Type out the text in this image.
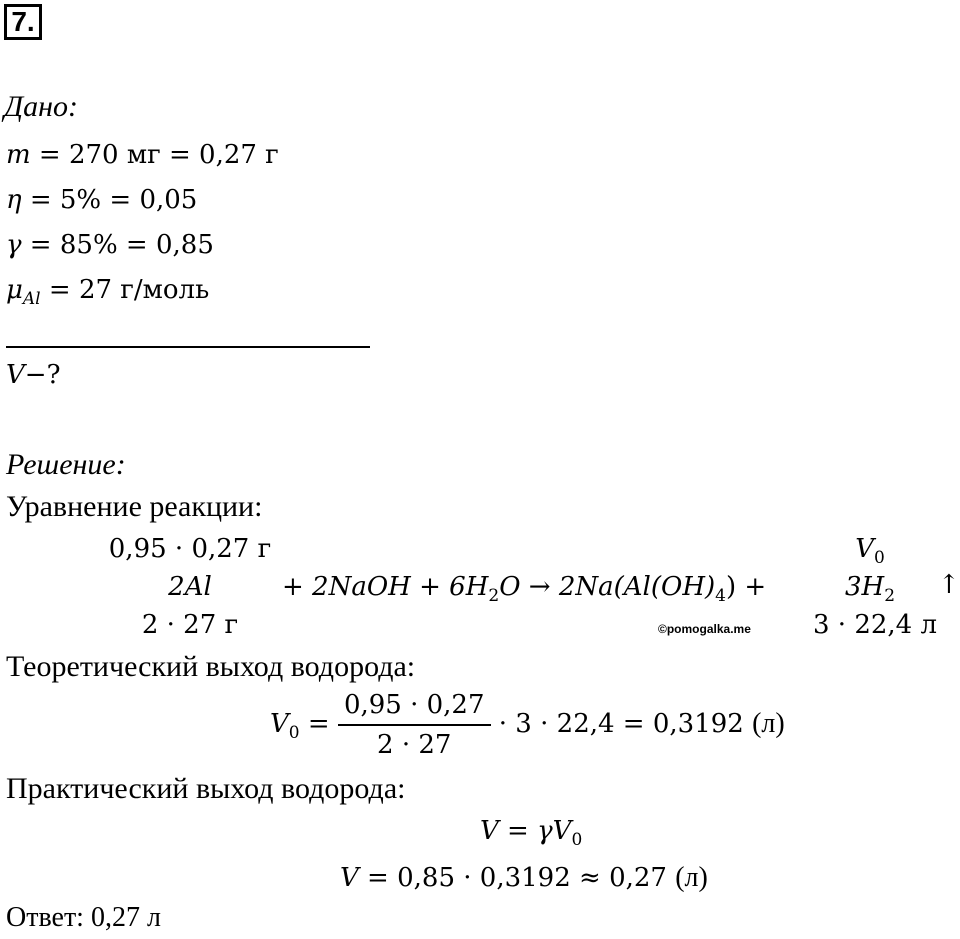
7.
Дано:
m = 270 мг = 0,27 г
η = 5% = 0,05
γ = 85% = 0,85
$\mu_{Al} = 27$ г/моль
V−?
Решение:
Уравнение реакции:
0,95 · 0,27 г
2Al
2 · 27 г
+ 2NaOH + $6H_2O \to 2Na(Al(OH)_4)$ +
$V_0$
$3H_2$	↑
3 · 22,4 л
©pomogalka.me
Теоретический выход водорода:
$V_0 = \frac{0,95 \cdot 0,27}{2 \cdot 27} \cdot 3 \cdot 22,4 = 0,3192$ (л)
Практический выход водорода:
$V = \gamma V_0$
V = 0,85 · 0,3192 ≈ 0,27 (л)
Ответ: 0,27 л
